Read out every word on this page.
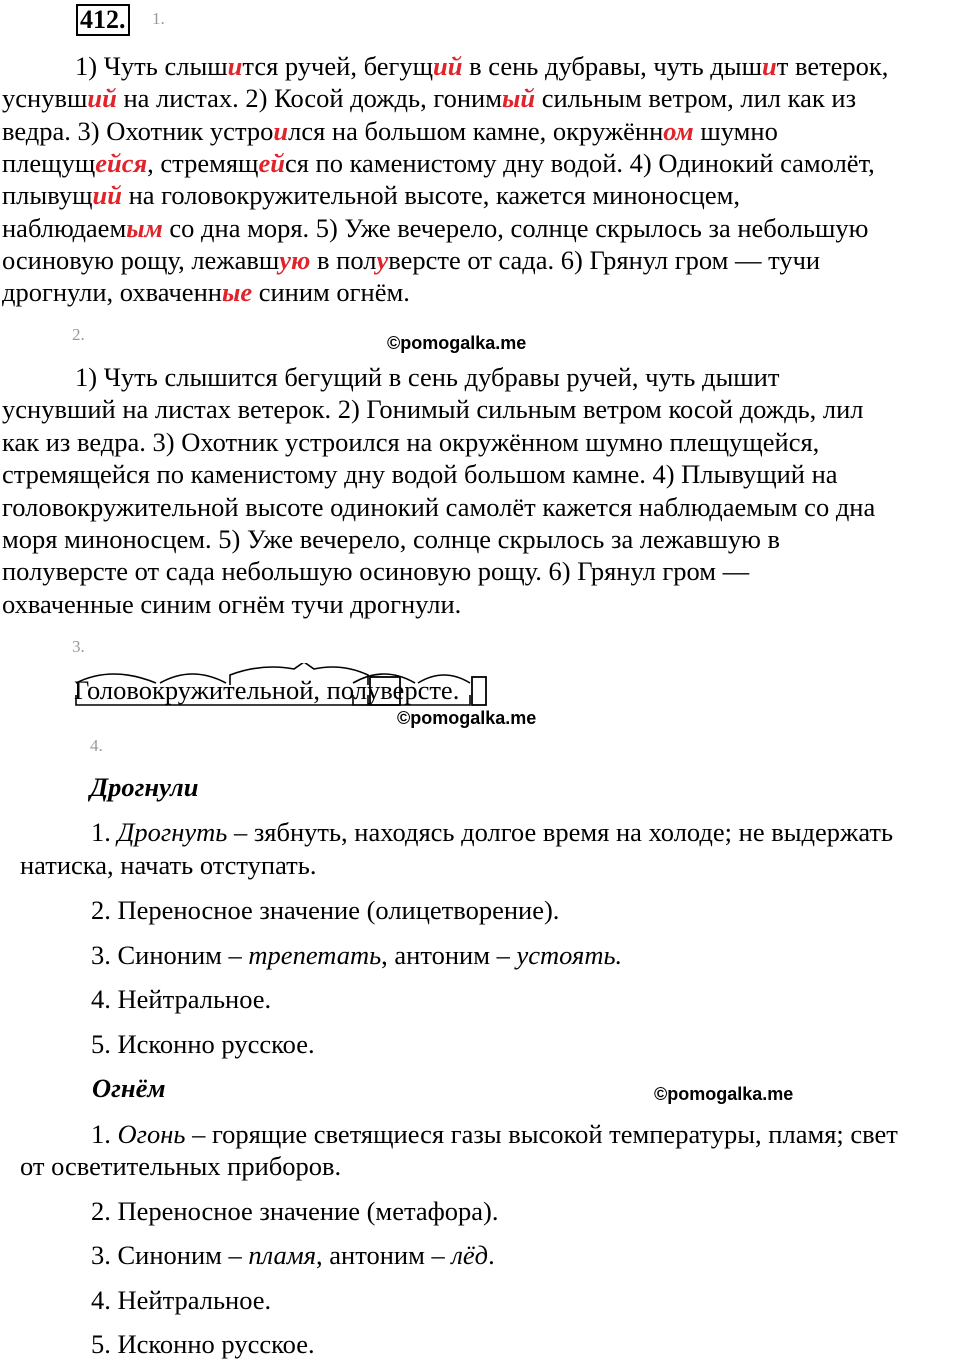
412. 1.
1) Чуть слышится ручей, бегущий в сень дубравы, чуть дышит ветерок,
уснувший на листах. 2) Косой дождь, гонимый сильным ветром, лил как из
ведра. 3) Охотник устроился на большом камне, окружённом шумно
плещущейся, стремящейся по каменистому дну водой. 4) Одинокий самолёт,
плывущий на головокружительной высоте, кажется миноносцем,
наблюдаемым со дна моря. 5) Уже вечерело, солнце скрылось за небольшую
осиновую рощу, лежавшую в полуверсте от сада. 6) Грянул гром — тучи
дрогнули, охваченные синим огнём.
2.	©pomogalka.me
1) Чуть слышится бегущий в сень дубравы ручей, чуть дышит
уснувший на листах ветерок. 2) Гонимый сильным ветром косой дождь, лил
как из ведра. 3) Охотник устроился на окружённом шумно плещущейся,
стремящейся по каменистому дну водой большом камне. 4) Плывущий на
головокружительной высоте одинокий самолёт кажется наблюдаемым со дна
моря миноносцем. 5) Уже вечерело, солнце скрылось за лежавшую в
полуверсте от сада небольшую осиновую рощу. 6) Грянул гром —
охваченные синим огнём тучи дрогнули.
3.
Головокружительной, полуверсте.
©pomogalka.me
4.
Дрогнули
1. Дрогнуть – зябнуть, находясь долгое время на холоде; не выдержать
натиска, начать отступать.
2. Переносное значение (олицетворение).
3. Синоним – трепетать, антоним – устоять.
4. Нейтральное.
5. Исконно русское.
Огнём	©pomogalka.me
1. Огонь – горящие светящиеся газы высокой температуры, пламя; свет
от осветительных приборов.
2. Переносное значение (метафора).
3. Синоним – пламя, антоним – лёд.
4. Нейтральное.
5. Исконно русское.
